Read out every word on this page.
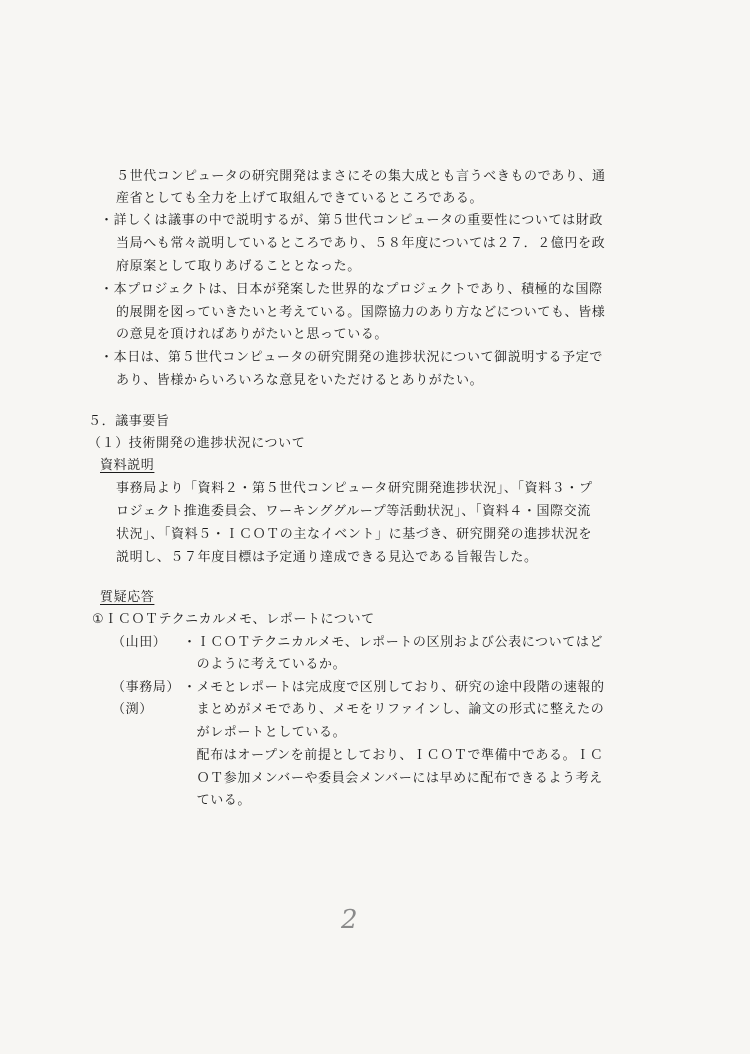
５世代コンピュータの研究開発はまさにその集大成とも言うべきものであり、通
産省としても全力を上げて取組んできているところである。
・詳しくは議事の中で説明するが、第５世代コンピュータの重要性については財政
当局へも常々説明しているところであり、５８年度については２７．２億円を政
府原案として取りあげることとなった。
・本プロジェクトは、日本が発案した世界的なプロジェクトであり、積極的な国際
的展開を図っていきたいと考えている。国際協力のあり方などについても、皆様
の意見を頂ければありがたいと思っている。
・本日は、第５世代コンピュータの研究開発の進捗状況について御説明する予定で
あり、皆様からいろいろな意見をいただけるとありがたい。
５．議事要旨
（１）技術開発の進捗状況について
資料説明
事務局より「資料２・第５世代コンピュータ研究開発進捗状況」、「資料３・プ
ロジェクト推進委員会、ワーキンググループ等活動状況」、「資料４・国際交流
状況」、「資料５・ＩＣＯＴの主なイベント」に基づき、研究開発の進捗状況を
説明し、５７年度目標は予定通り達成できる見込である旨報告した。
質疑応答
①ＩＣＯＴテクニカルメモ、レポートについて
（山田） ・ＩＣＯＴテクニカルメモ、レポートの区別および公表についてはど
　のように考えているか。
（事務局）
（渕）
・メモとレポートは完成度で区別しており、研究の途中段階の速報的
　まとめがメモであり、メモをリファインし、論文の形式に整えたの
　がレポートとしている。
　配布はオープンを前提としており、ＩＣＯＴで準備中である。ＩＣ
　ＯＴ参加メンバーや委員会メンバーには早めに配布できるよう考え
　ている。
2
